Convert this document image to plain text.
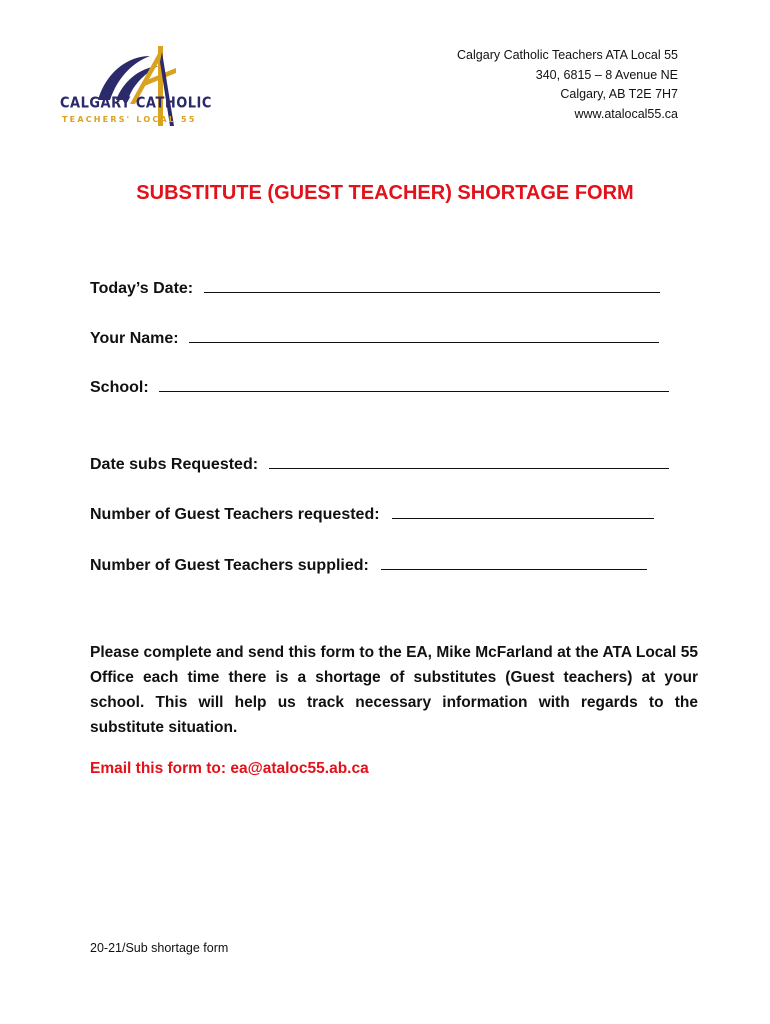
CALGARY CATHOLIC
TEACHERS' LOCAL 55
Calgary Catholic Teachers ATA Local 55
340, 6815 – 8 Avenue NE
Calgary, AB T2E 7H7
www.atalocal55.ca
SUBSTITUTE (GUEST TEACHER) SHORTAGE FORM
Today’s Date:
Your Name:
School:
Date subs Requested:
Number of Guest Teachers requested:
Number of Guest Teachers supplied:
Please complete and send this form to the EA, Mike McFarland at the ATA Local 55 Office each time there is a shortage of substitutes (Guest teachers) at your school. This will help us track necessary information with regards to the substitute situation.
Email this form to: ea@ataloc55.ab.ca
20-21/Sub shortage form
